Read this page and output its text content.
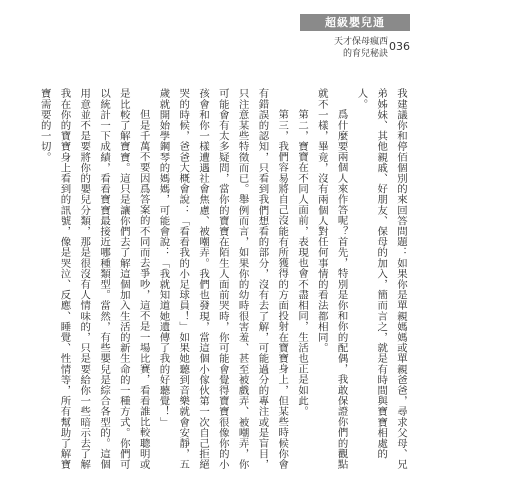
超級嬰兒通
天才保母瘋西
的育兒秘訣
036

我建議你和停佰個別的來回答問題：如果你是單親媽媽或單親爸爸，尋求父母、兄弟姊妹、其他親戚、好朋友、保母的加入，簡而言之，就是有時間與寶寶相處的人。

爲什麼要兩個人來作答呢？首先，特別是你和你的配偶，我敢保證你們的觀點就不一樣，畢竟，沒有兩個人對任何事情的看法都相同。

第二，寶寶在不同人面前，表現也會不盡相同，生活也正是如此。

第三，我們容易將自己沒能有所獲得的方面投射在寶寶身上，但某些時候你會有錯誤的認知，只看到我們想看的部分，沒有去了解，可能過分的專注或是盲目，只注意某些特徵而已。舉例而言，如果你的幼時很害羞、甚至被戲弄、被嘲弄，你可能會有太多疑問，當你的寶寶在陌生人面前哭時，你可能會覺得寶寶很像你的小孩會和你一樣遭遇社會焦慮、被嘲弄。我們也發現，當這個小傢伙第一次自己拒絕哭的時候，爸爸大概會說：「看看我的小足球員！」如果她聽到音樂就會安靜，五歲就開始學鋼琴的媽媽，可能會說：「我就知道她遺傳了我的好聽覺！」

但是千萬不要因爲答案的不同而去爭吵，這不是一場比賽，看看誰比較聰明或是比較了解寶寶。這只是讓你們去了解這個加入生活的新生命的一種方式。你們可以統計一下成績，看看寶寶最接近哪種類型。當然，有些嬰兒是綜合各型的。這個用意並不是要將你的嬰兒分類，那是很沒有人情味的，只是要給你一些暗示去了解我在你的寶寶身上看到的訊號，像是哭泣、反應、睡覺、性情等，所有幫助了解寶寶需要的一切。
